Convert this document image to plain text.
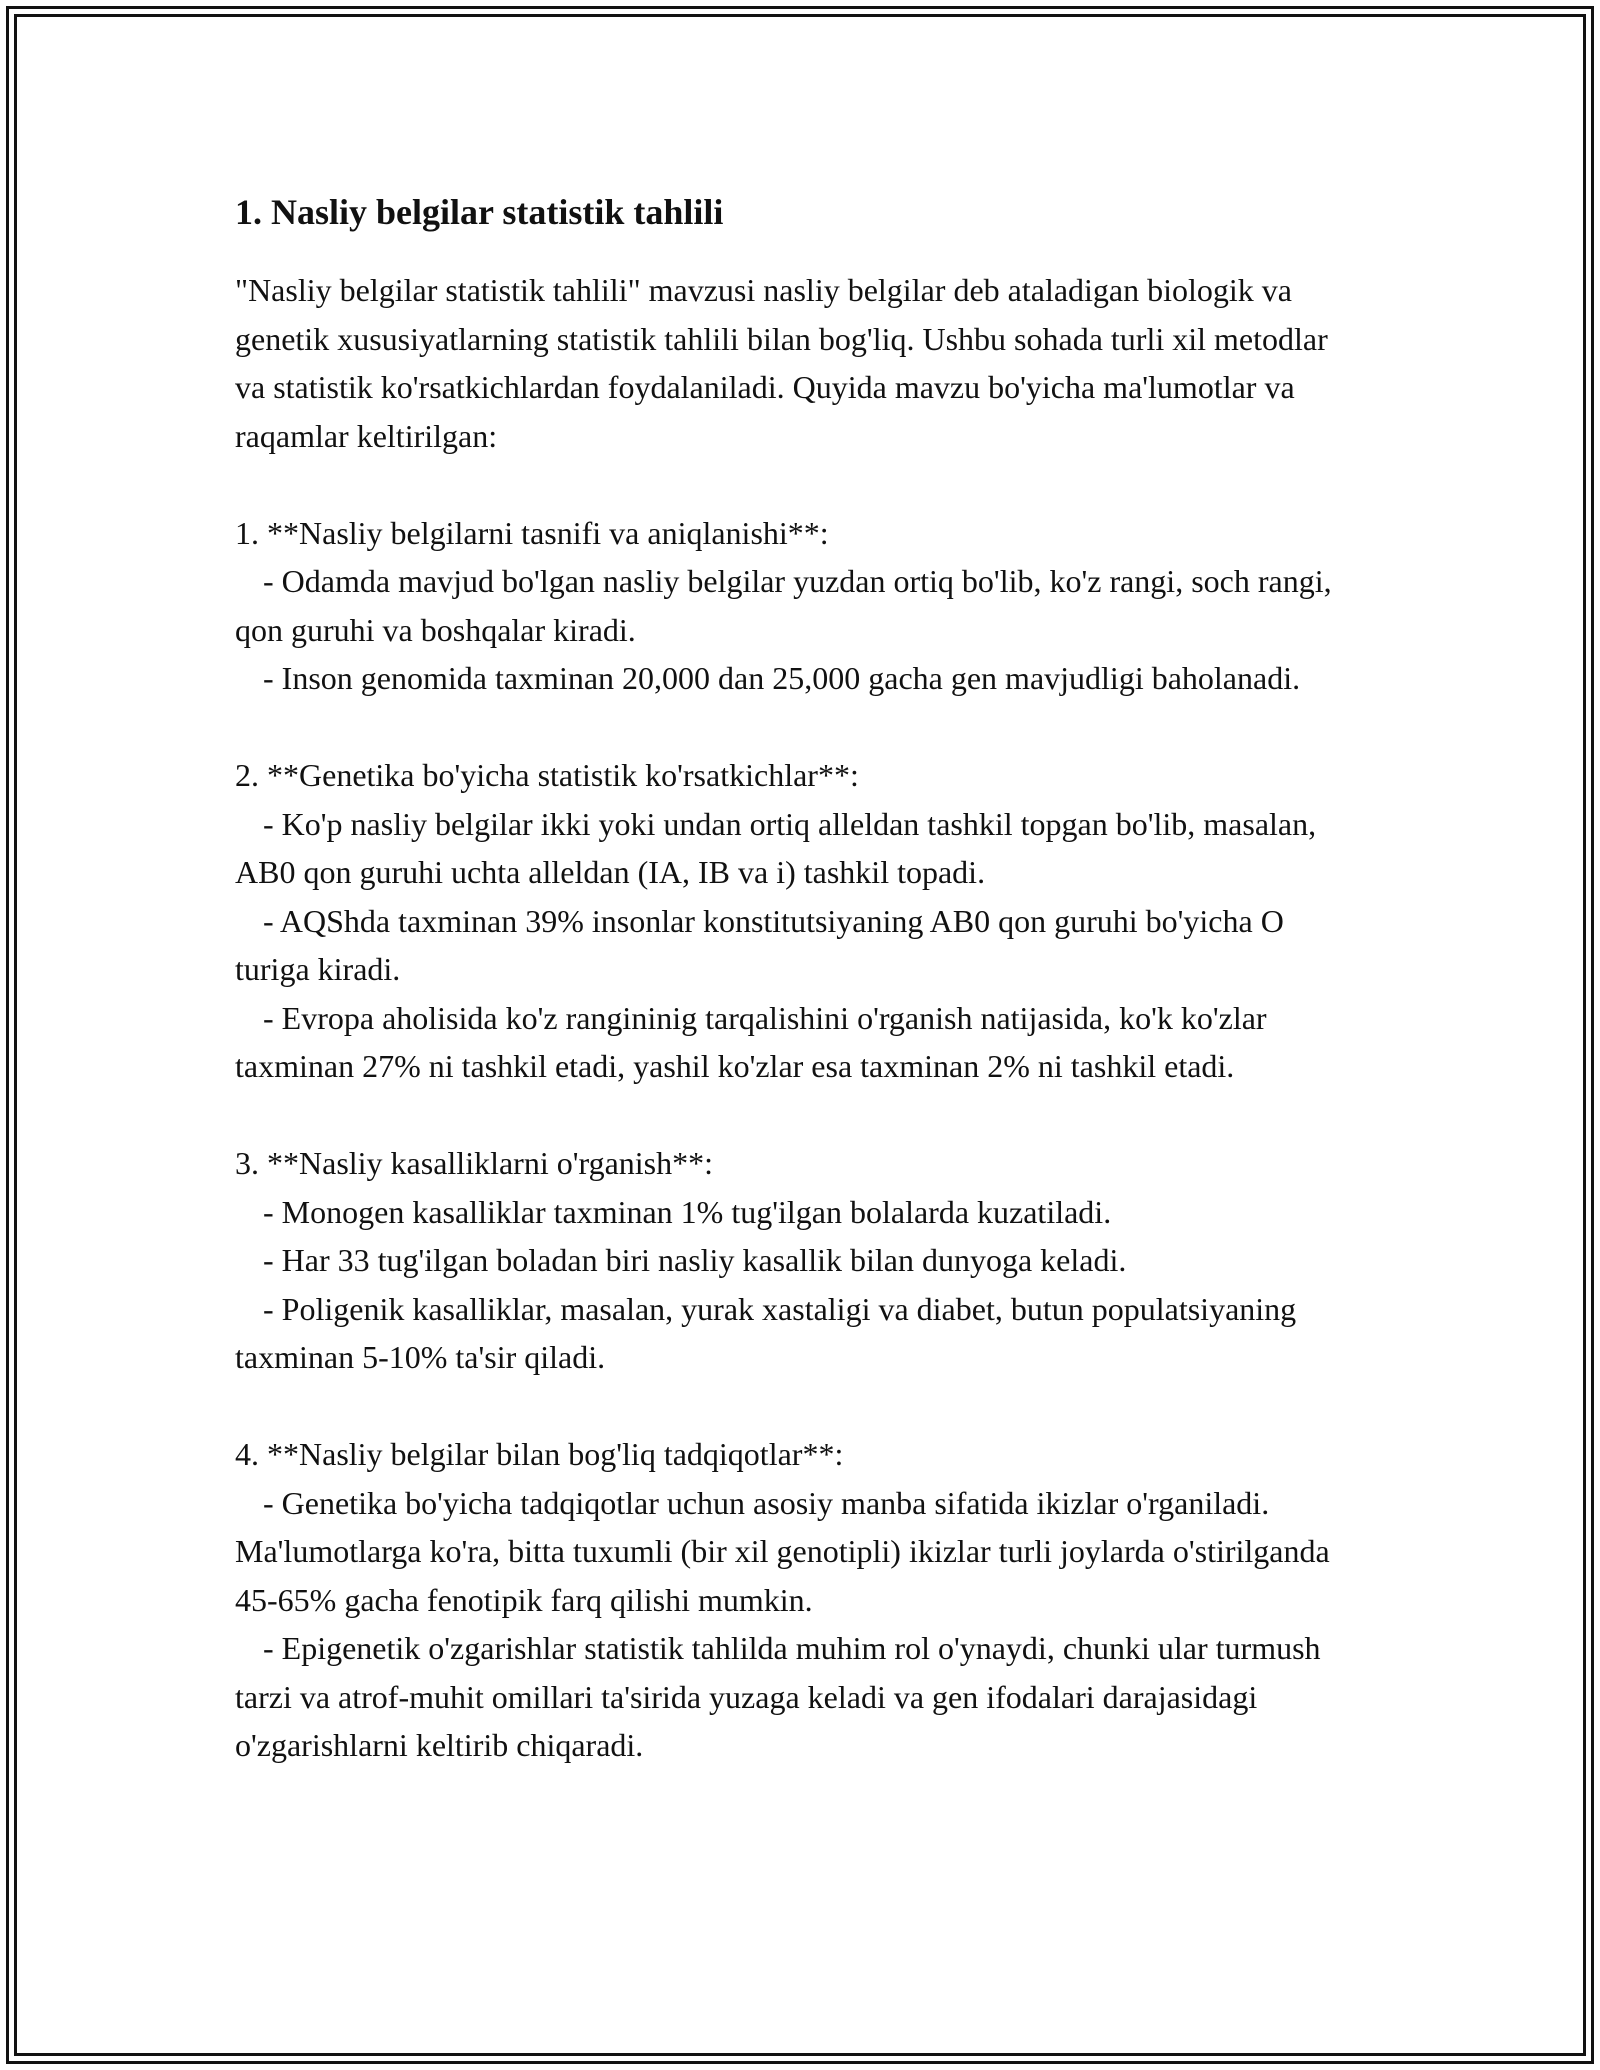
1. Nasliy belgilar statistik tahlili

"Nasliy belgilar statistik tahlili" mavzusi nasliy belgilar deb ataladigan biologik va genetik xususiyatlarning statistik tahlili bilan bog'liq. Ushbu sohada turli xil metodlar va statistik ko'rsatkichlardan foydalaniladi. Quyida mavzu bo'yicha ma'lumotlar va raqamlar keltirilgan:

1. **Nasliy belgilarni tasnifi va aniqlanishi**:

- Odamda mavjud bo'lgan nasliy belgilar yuzdan ortiq bo'lib, ko'z rangi, soch rangi, qon guruhi va boshqalar kiradi.

- Inson genomida taxminan 20,000 dan 25,000 gacha gen mavjudligi baholanadi.

2. **Genetika bo'yicha statistik ko'rsatkichlar**:

- Ko'p nasliy belgilar ikki yoki undan ortiq alleldan tashkil topgan bo'lib, masalan, AB0 qon guruhi uchta alleldan (IA, IB va i) tashkil topadi.

- AQShda taxminan 39% insonlar konstitutsiyaning AB0 qon guruhi bo'yicha O turiga kiradi.

- Evropa aholisida ko'z rangininig tarqalishini o'rganish natijasida, ko'k ko'zlar taxminan 27% ni tashkil etadi, yashil ko'zlar esa taxminan 2% ni tashkil etadi.

3. **Nasliy kasalliklarni o'rganish**:

- Monogen kasalliklar taxminan 1% tug'ilgan bolalarda kuzatiladi.

- Har 33 tug'ilgan boladan biri nasliy kasallik bilan dunyoga keladi.

- Poligenik kasalliklar, masalan, yurak xastaligi va diabet, butun populatsiyaning taxminan 5-10% ta'sir qiladi.

4. **Nasliy belgilar bilan bog'liq tadqiqotlar**:

- Genetika bo'yicha tadqiqotlar uchun asosiy manba sifatida ikizlar o'rganiladi. Ma'lumotlarga ko'ra, bitta tuxumli (bir xil genotipli) ikizlar turli joylarda o'stirilganda 45-65% gacha fenotipik farq qilishi mumkin.

- Epigenetik o'zgarishlar statistik tahlilda muhim rol o'ynaydi, chunki ular turmush tarzi va atrof-muhit omillari ta'sirida yuzaga keladi va gen ifodalari darajasidagi o'zgarishlarni keltirib chiqaradi.
